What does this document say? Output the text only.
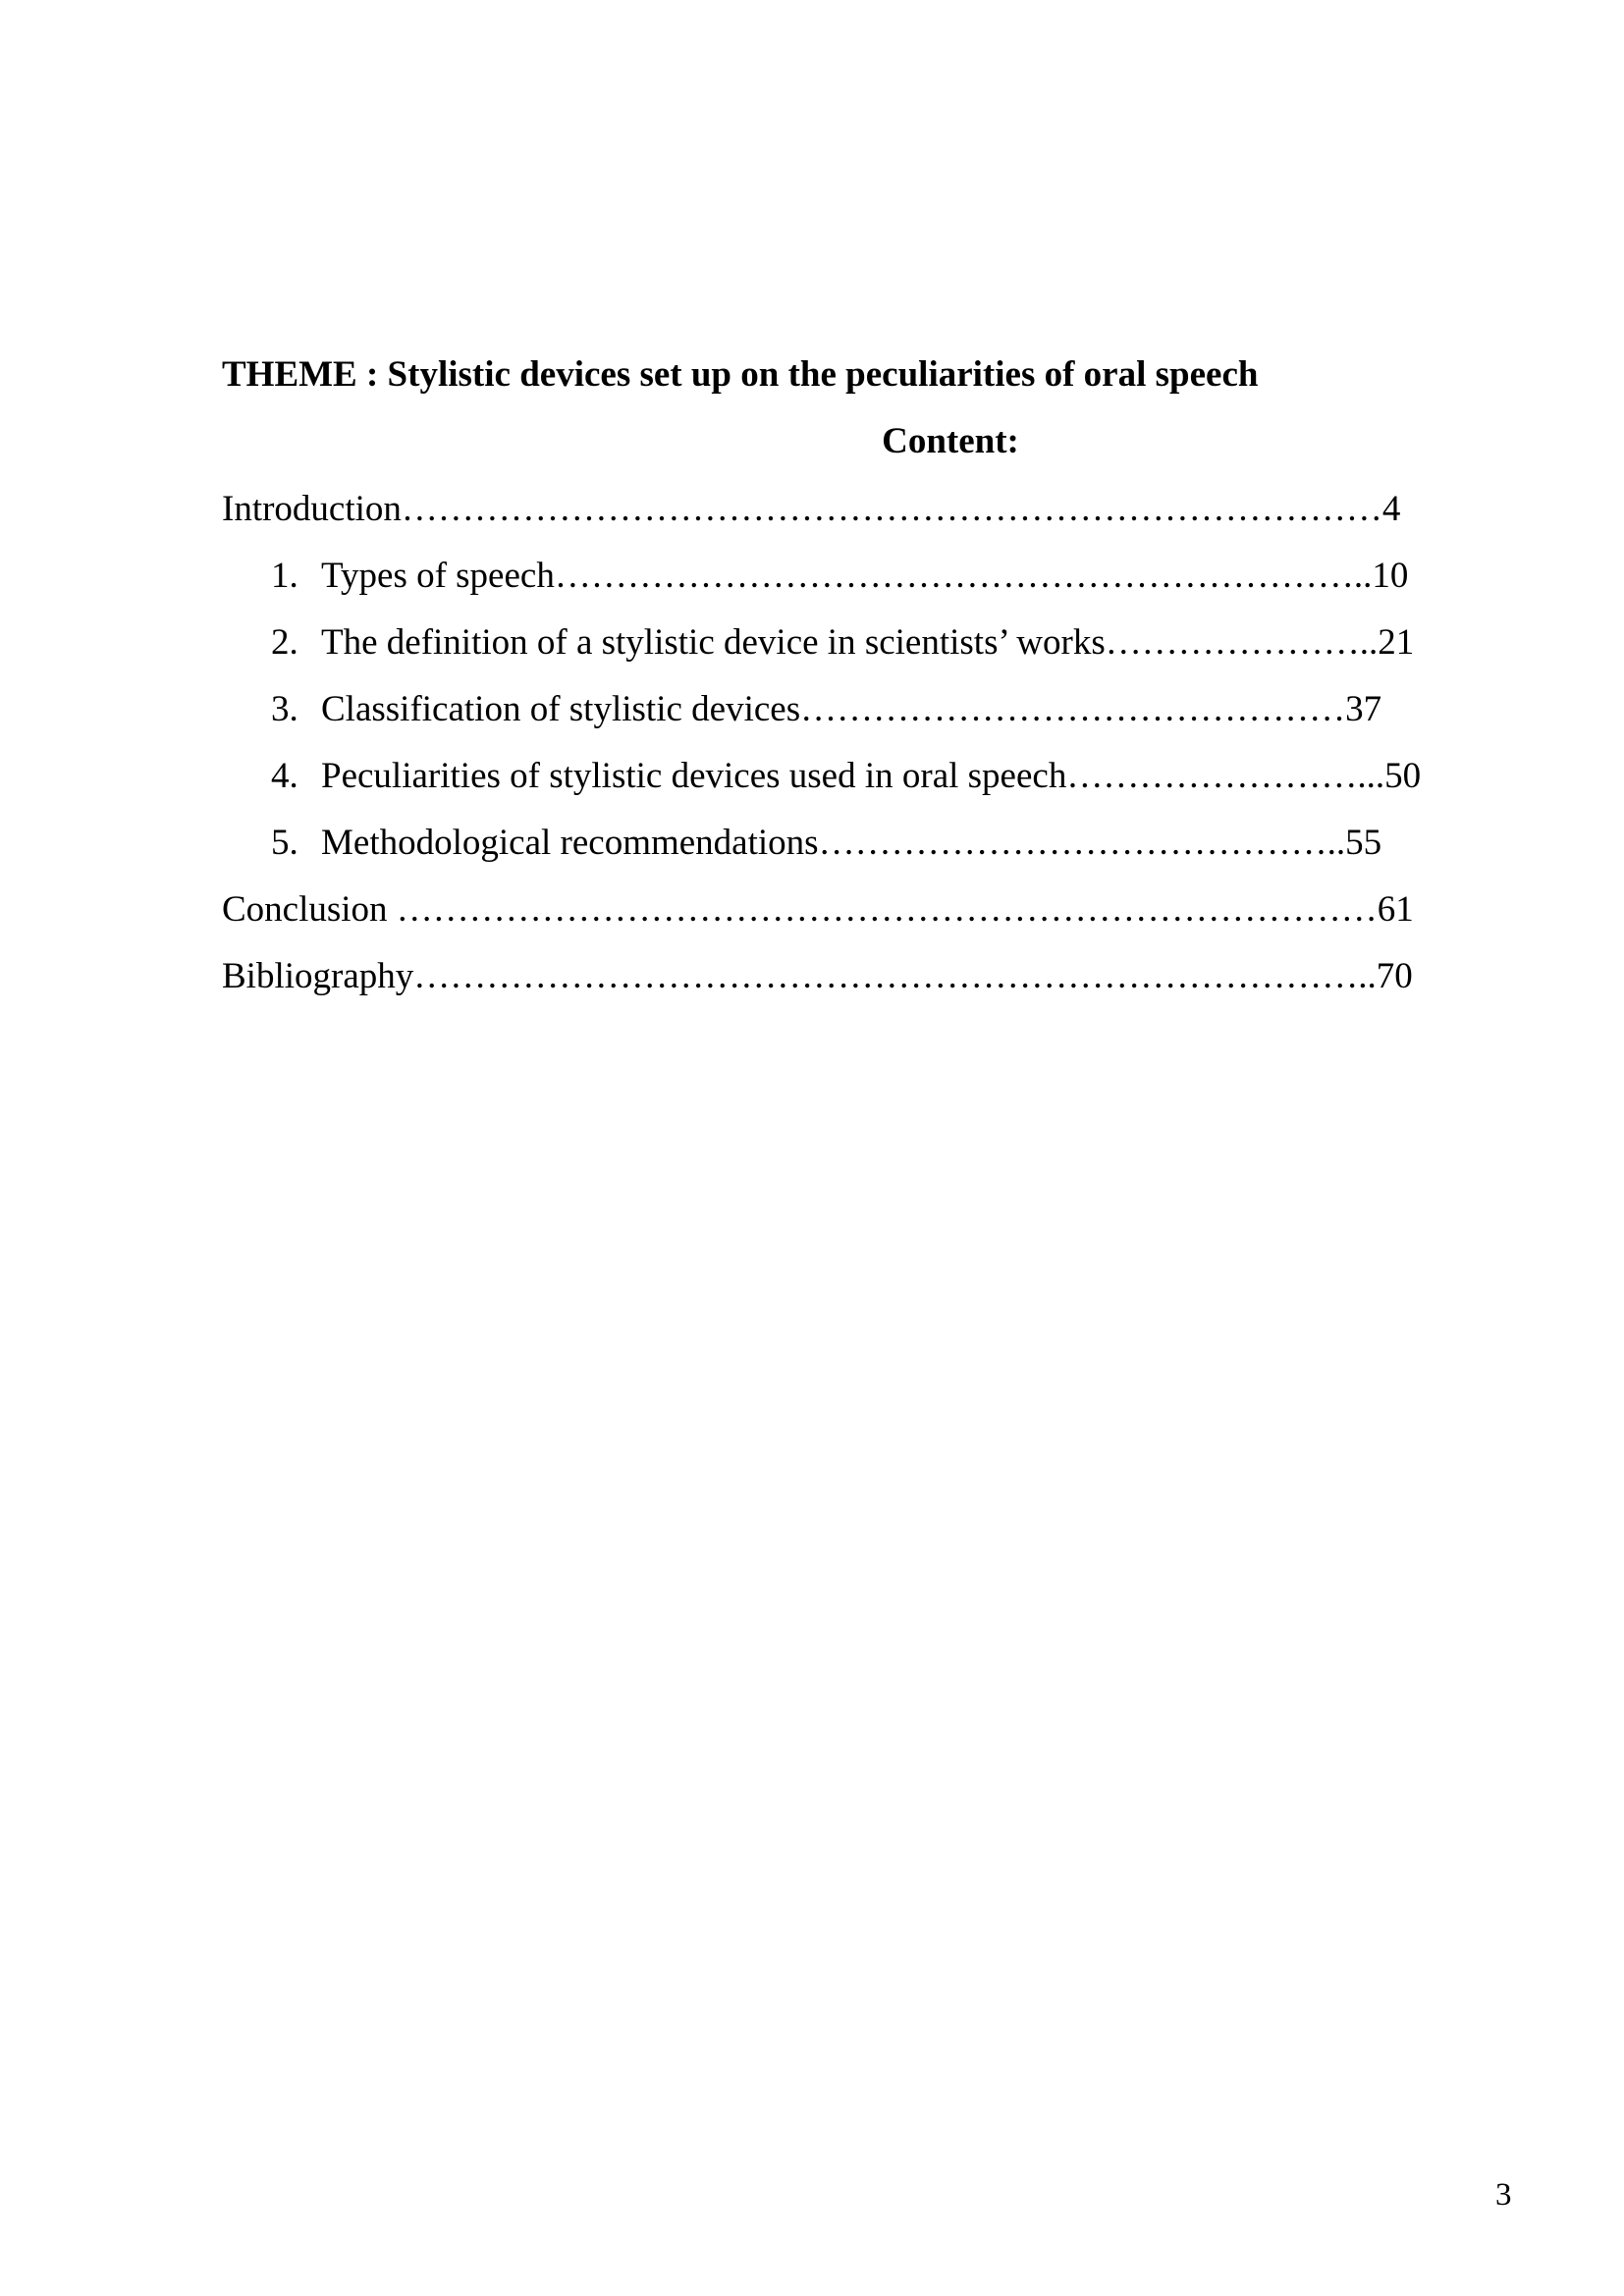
THEME : Stylistic devices set up on the peculiarities of oral speech
Content:
Introduction………………………………………………………………………4
1. Types of speech…………………………………………………………..10
2. The definition of a stylistic device in scientists’ works…………………..21
3. Classification of stylistic devices………………………………………37
4. Peculiarities of stylistic devices used in oral speech……………………...50
5. Methodological recommendations……………………………………..55
Conclusion ………………………………………………………………………61
Bibliography……………………………………………………………………..70
3
